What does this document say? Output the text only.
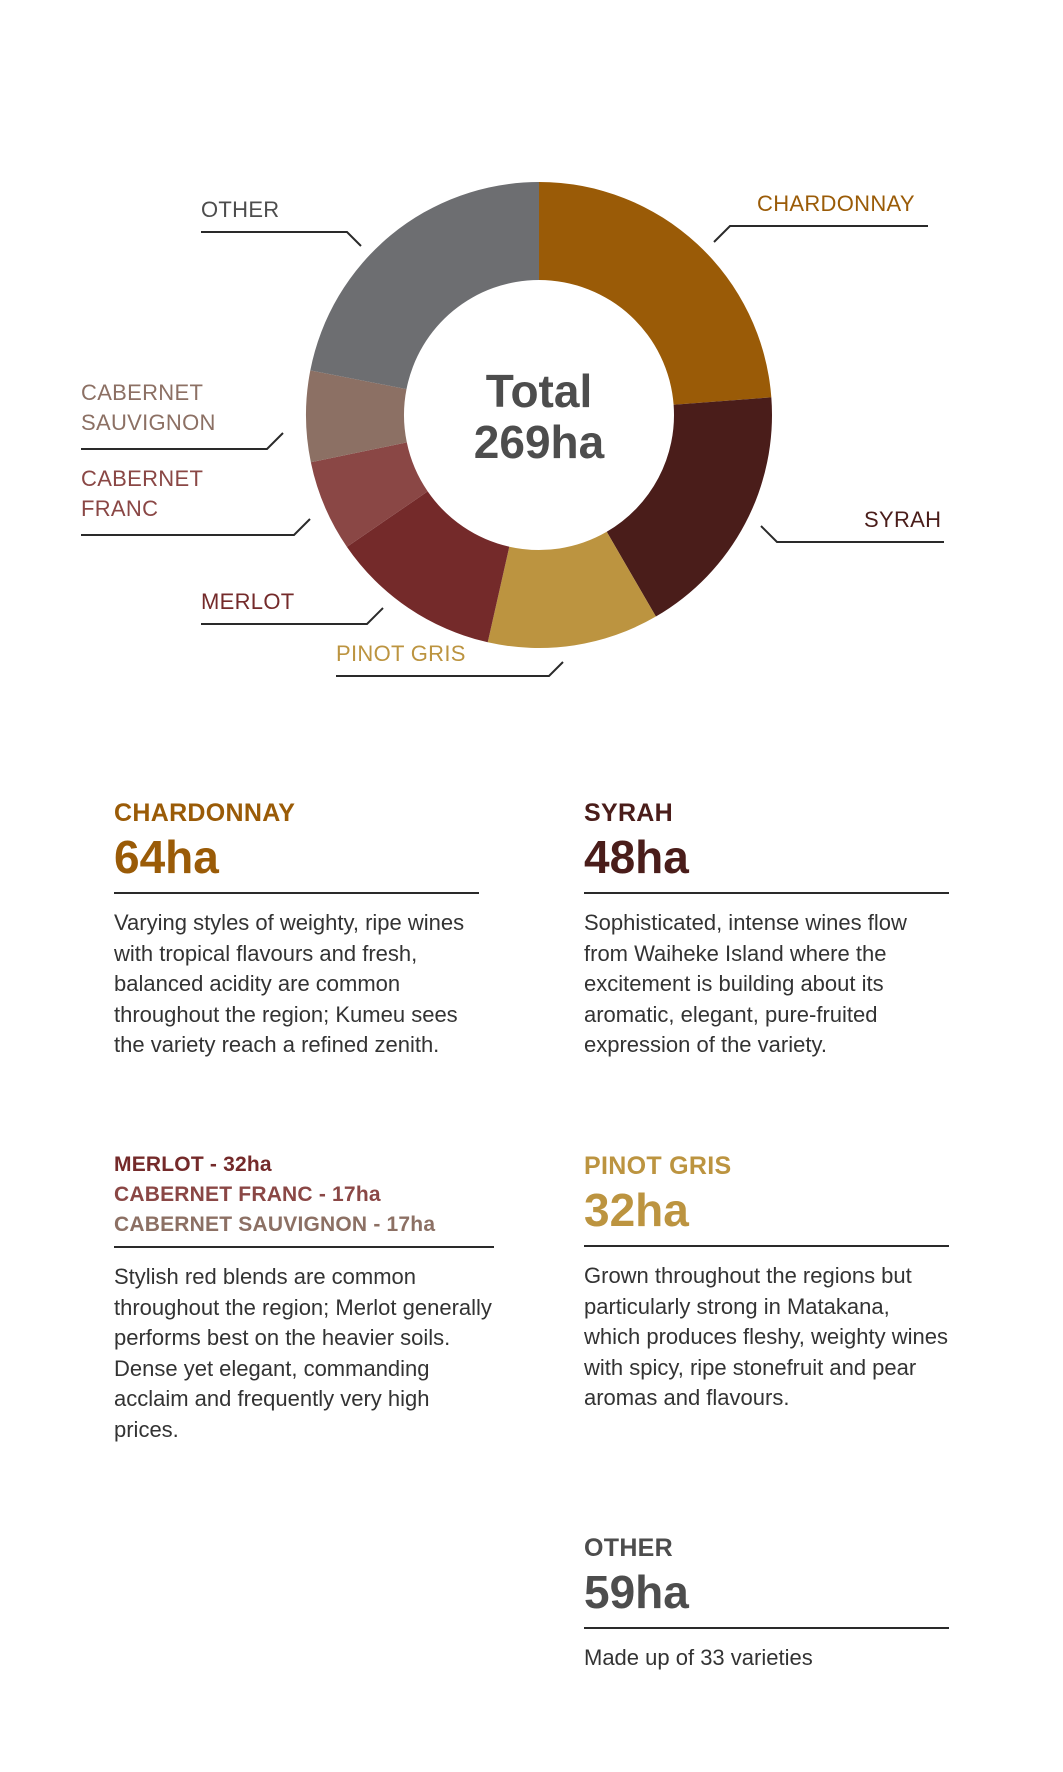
CHARDONNAY
SYRAH
PINOT GRIS
MERLOT
CABERNET
FRANC
CABERNET
SAUVIGNON
OTHER
Total
269ha

CHARDONNAY

64ha

Varying styles of weighty, ripe wines with tropical flavours and fresh, balanced acidity are common throughout the region; Kumeu sees the variety reach a refined zenith.

SYRAH

48ha

Sophisticated, intense wines flow from Waiheke Island where the excitement is building about its aromatic, elegant, pure-fruited expression of the variety.
MERLOT - 32ha
CABERNET FRANC - 17ha
CABERNET SAUVIGNON - 17ha
Stylish red blends are common throughout the region; Merlot generally performs best on the heavier soils. Dense yet elegant, commanding acclaim and frequently very high prices.

PINOT GRIS

32ha

Grown throughout the regions but particularly strong in Matakana, which produces fleshy, weighty wines with spicy, ripe stonefruit and pear aromas and flavours.

OTHER

59ha

Made up of 33 varieties
